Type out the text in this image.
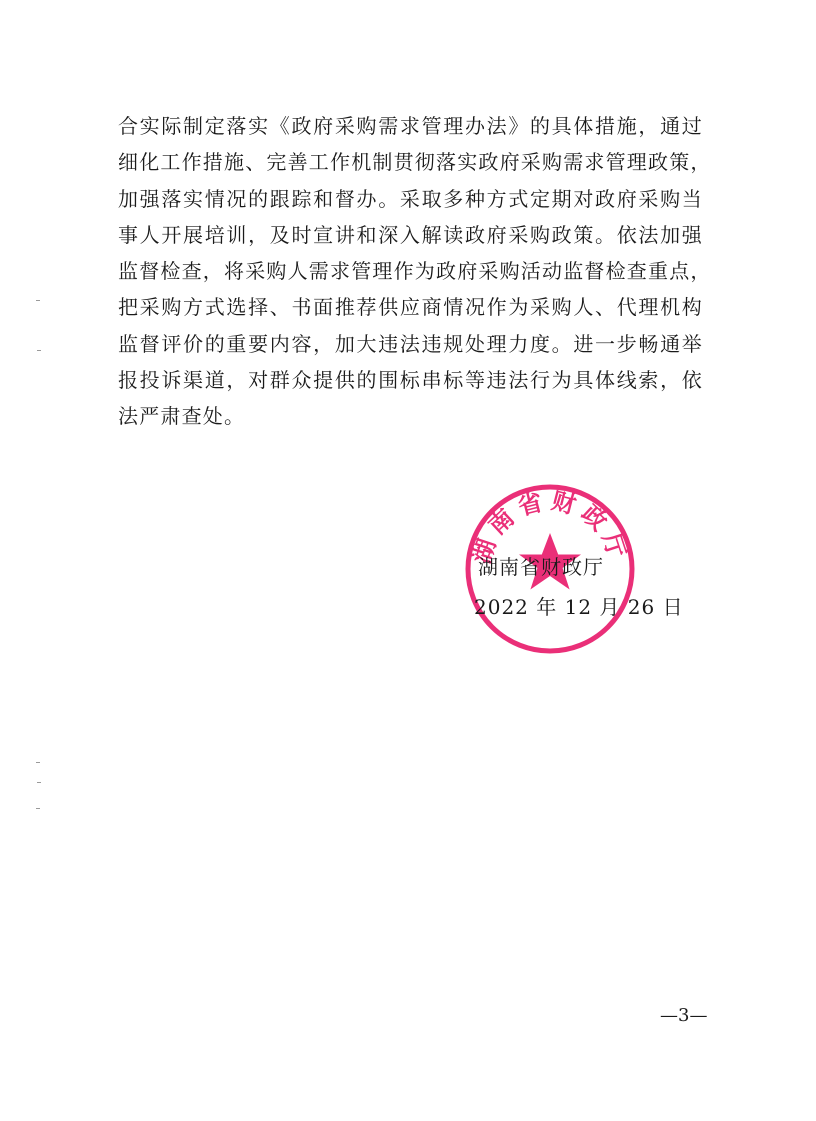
合实际制定落实《政府采购需求管理办法》的具体措施，通过
细化工作措施、完善工作机制贯彻落实政府采购需求管理政策，
加强落实情况的跟踪和督办。采取多种方式定期对政府采购当
事人开展培训，及时宣讲和深入解读政府采购政策。依法加强
监督检查，将采购人需求管理作为政府采购活动监督检查重点，
把采购方式选择、书面推荐供应商情况作为采购人、代理机构
监督评价的重要内容，加大违法违规处理力度。进一步畅通举
报投诉渠道，对群众提供的围标串标等违法行为具体线索，依
法严肃查处。
湖南省财政厅
湖南省财政厅
2022 年 12 月 26 日
—3—
